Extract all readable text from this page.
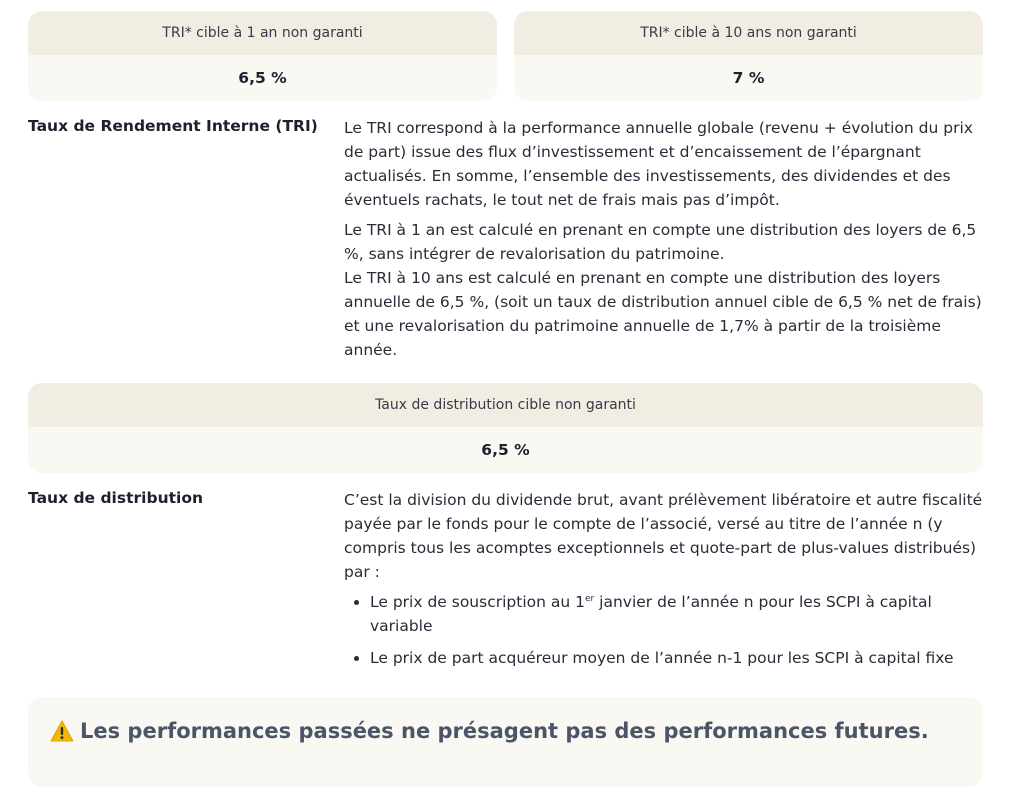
TRI* cible à 1 an non garanti
6,5 %
TRI* cible à 10 ans non garanti
7 %
Taux de Rendement Interne (TRI) Le TRI correspond à la performance annuelle globale (revenu + évolution du prix de part) issue des flux d’investissement et d’encaissement de l’épargnant actualisés. En somme, l’ensemble des investissements, des dividendes et des éventuels rachats, le tout net de frais mais pas d’impôt.

Le TRI à 1 an est calculé en prenant en compte une distribution des loyers de 6,5 %, sans intégrer de revalorisation du patrimoine.

Le TRI à 10 ans est calculé en prenant en compte une distribution des loyers annuelle de 6,5 %, (soit un taux de distribution annuel cible de 6,5 % net de frais) et une revalorisation du patrimoine annuelle de 1,7% à partir de la troisième année.

Taux de distribution cible non garanti
6,5 %
Taux de distribution	C’est la division du dividende brut, avant prélèvement libératoire et autre fiscalité payée par le fonds pour le compte de l’associé, versé au titre de l’année n (y compris tous les acomptes exceptionnels et quote-part de plus-values distribués) par :

• Le prix de souscription au 1er janvier de l’année n pour les SCPI à capital variable
• Le prix de part acquéreur moyen de l’année n-1 pour les SCPI à capital fixe
Les performances passées ne présagent pas des performances futures.
